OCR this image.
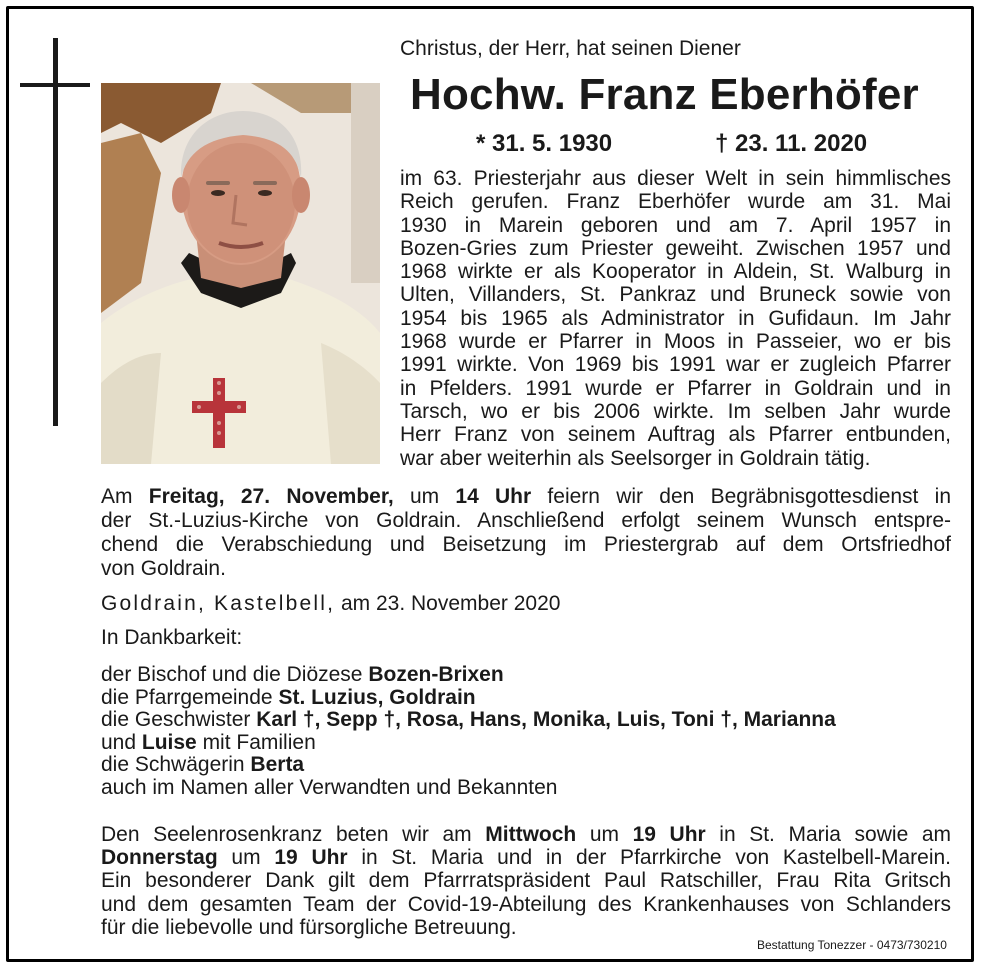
Christus, der Herr, hat seinen Diener
Hochw. Franz Eberhöfer
* 31. 5. 1930	† 23. 11. 2020
im 63. Priesterjahr aus dieser Welt in sein himmlisches
Reich gerufen. Franz Eberhöfer wurde am 31. Mai
1930 in Marein geboren und am 7. April 1957 in
Bozen-Gries zum Priester geweiht. Zwischen 1957 und
1968 wirkte er als Kooperator in Aldein, St. Walburg in
Ulten, Villanders, St. Pankraz und Bruneck sowie von
1954 bis 1965 als Administrator in Gufidaun. Im Jahr
1968 wurde er Pfarrer in Moos in Passeier, wo er bis
1991 wirkte. Von 1969 bis 1991 war er zugleich Pfarrer
in Pfelders. 1991 wurde er Pfarrer in Goldrain und in
Tarsch, wo er bis 2006 wirkte. Im selben Jahr wurde
Herr Franz von seinem Auftrag als Pfarrer entbunden,
war aber weiterhin als Seelsorger in Goldrain tätig.
Am Freitag, 27. November, um 14 Uhr feiern wir den Begräbnisgottesdienst in
der St.-Luzius-Kirche von Goldrain. Anschließend erfolgt seinem Wunsch entspre-
chend die Verabschiedung und Beisetzung im Priestergrab auf dem Ortsfriedhof
von Goldrain.
Goldrain, Kastelbell, am 23. November 2020
In Dankbarkeit:
der Bischof und die Diözese Bozen-Brixen
die Pfarrgemeinde St. Luzius, Goldrain
die Geschwister Karl †, Sepp †, Rosa, Hans, Monika, Luis, Toni †, Marianna
und Luise mit Familien
die Schwägerin Berta
auch im Namen aller Verwandten und Bekannten
Den Seelenrosenkranz beten wir am Mittwoch um 19 Uhr in St. Maria sowie am
Donnerstag um 19 Uhr in St. Maria und in der Pfarrkirche von Kastelbell-Marein.
Ein besonderer Dank gilt dem Pfarrratspräsident Paul Ratschiller, Frau Rita Gritsch
und dem gesamten Team der Covid-19-Abteilung des Krankenhauses von Schlanders
für die liebevolle und fürsorgliche Betreuung.
Bestattung Tonezzer - 0473/730210
